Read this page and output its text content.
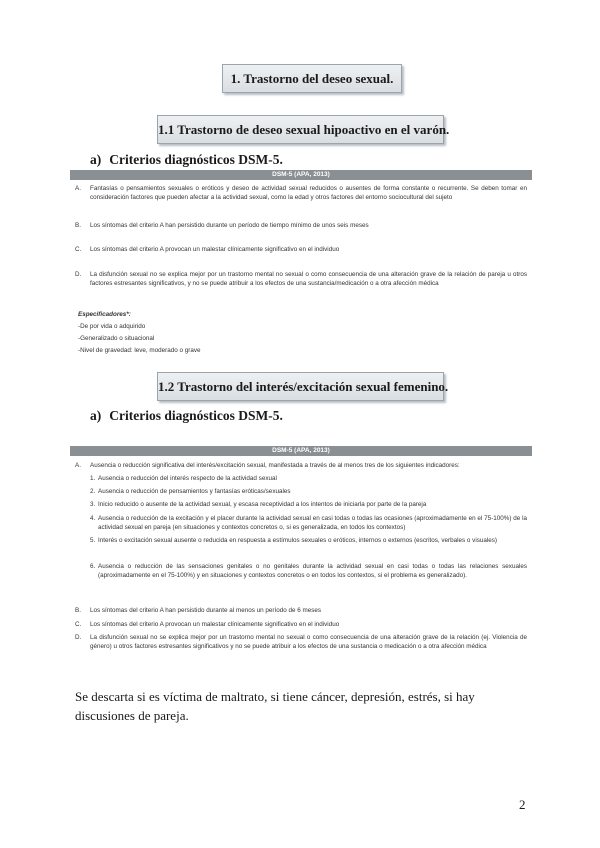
1. Trastorno del deseo sexual.
1.1 Trastorno de deseo sexual hipoactivo en el varón.
a) Criterios diagnósticos DSM-5.
DSM-5 (APA, 2013)
A. Fantasías o pensamientos sexuales o eróticos y deseo de actividad sexual reducidos o ausentes de forma constante o recurrente. Se deben tomar en consideración factores que pueden afectar a la actividad sexual, como la edad y otros factores del entorno sociocultural del sujeto
B. Los síntomas del criterio A han persistido durante un período de tiempo mínimo de unos seis meses
C. Los síntomas del criterio A provocan un malestar clínicamente significativo en el individuo
D. La disfunción sexual no se explica mejor por un trastorno mental no sexual o como consecuencia de una alteración grave de la relación de pareja u otros factores estresantes significativos, y no se puede atribuir a los efectos de una sustancia/medicación o a otra afección médica
Especificadores*:
-De por vida o adquirido
-Generalizado o situacional
-Nivel de gravedad: leve, moderado o grave
1.2 Trastorno del interés/excitación sexual femenino.
a) Criterios diagnósticos DSM-5.
DSM-5 (APA, 2013)
A. Ausencia o reducción significativa del interés/excitación sexual, manifestada a través de al menos tres de los siguientes indicadores:
1. Ausencia o reducción del interés respecto de la actividad sexual
2. Ausencia o reducción de pensamientos y fantasías eróticas/sexuales
3. Inicio reducido o ausente de la actividad sexual, y escasa receptividad a los intentos de iniciarla por parte de la pareja
4. Ausencia o reducción de la excitación y el placer durante la actividad sexual en casi todas o todas las ocasiones (aproximadamente en el 75-100%) de la actividad sexual en pareja (en situaciones y contextos concretos o, si es generalizada, en todos los contextos)
5. Interés o excitación sexual ausente o reducida en respuesta a estímulos sexuales o eróticos, internos o externos (escritos, verbales o visuales)
6. Ausencia o reducción de las sensaciones genitales o no genitales durante la actividad sexual en casi todas o todas las relaciones sexuales (aproximadamente en el 75-100%) y en situaciones y contextos concretos o en todos los contextos, si el problema es generalizado).
B. Los síntomas del criterio A han persistido durante al menos un período de 6 meses
C. Los síntomas del criterio A provocan un malestar clínicamente significativo en el individuo
D. La disfunción sexual no se explica mejor por un trastorno mental no sexual o como consecuencia de una alteración grave de la relación (ej. Violencia de género) u otros factores estresantes significativos y no se puede atribuir a los efectos de una sustancia o medicación o a otra afección médica
Se descarta si es víctima de maltrato, si tiene cáncer, depresión, estrés, si hay discusiones de pareja.
2
